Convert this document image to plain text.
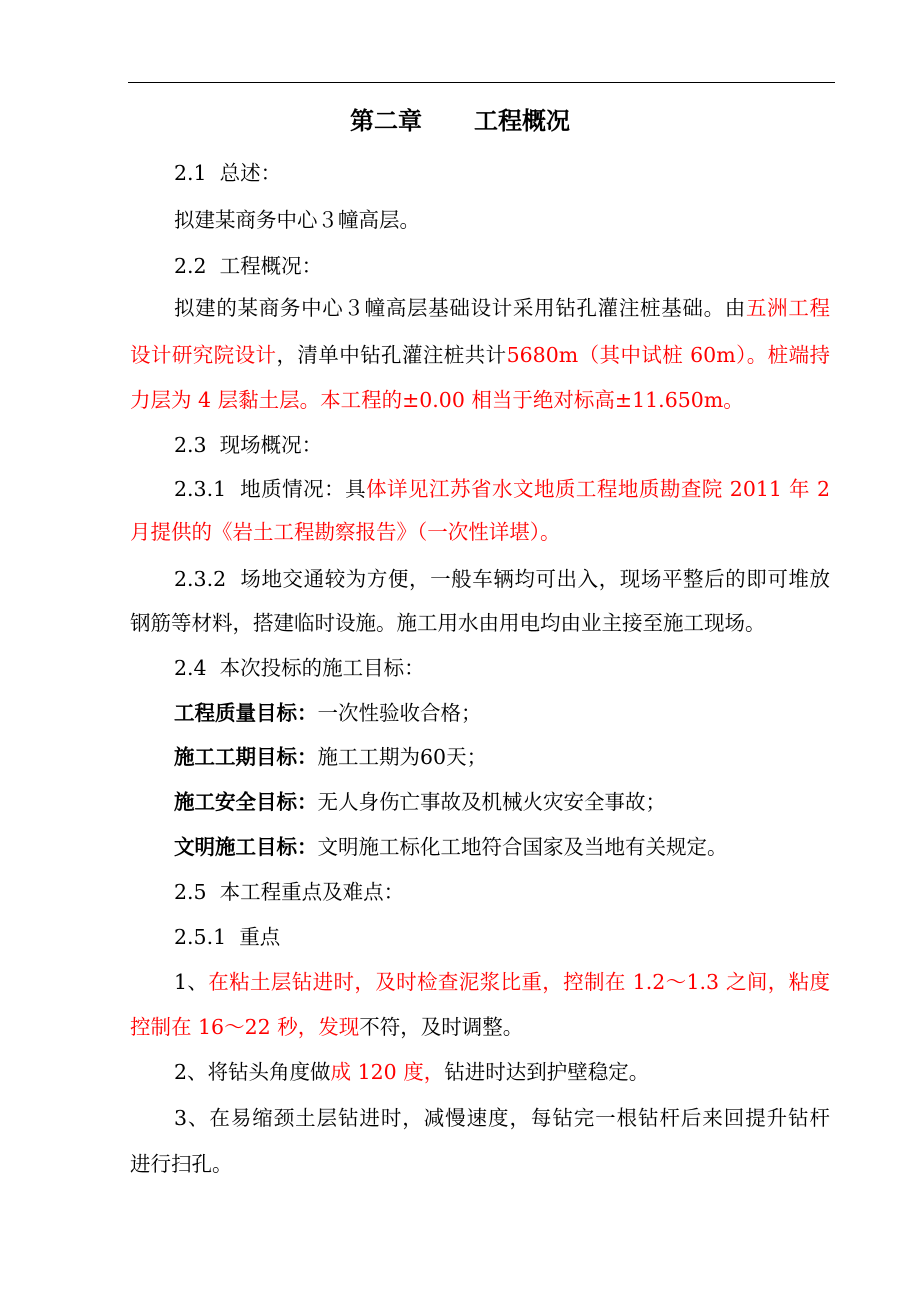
第二章 工程概况
2.1 总述：
拟建某商务中心３幢高层。
2.2 工程概况：
拟建的某商务中心３幢高层基础设计采用钻孔灌注桩基础。由五洲工程
设计研究院设计，清单中钻孔灌注桩共计5680m（其中试桩 60m）。桩端持
力层为 4 层黏土层。本工程的±0.00 相当于绝对标高±11.650m。
2.3 现场概况：
2.3.1 地质情况：具体详见江苏省水文地质工程地质勘查院 2011 年 2
月提供的《岩土工程勘察报告》（一次性详堪）。
2.3.2 场地交通较为方便，一般车辆均可出入，现场平整后的即可堆放
钢筋等材料，搭建临时设施。施工用水由用电均由业主接至施工现场。
2.4 本次投标的施工目标：
工程质量目标：一次性验收合格；
施工工期目标：施工工期为60天；
施工安全目标：无人身伤亡事故及机械火灾安全事故；
文明施工目标：文明施工标化工地符合国家及当地有关规定。
2.5 本工程重点及难点：
2.5.1 重点
1、在粘土层钻进时，及时检查泥浆比重，控制在 1.2～1.3 之间，粘度
控制在 16～22 秒，发现不符，及时调整。
2、将钻头角度做成 120 度，钻进时达到护壁稳定。
3、在易缩颈土层钻进时，减慢速度，每钻完一根钻杆后来回提升钻杆
进行扫孔。
